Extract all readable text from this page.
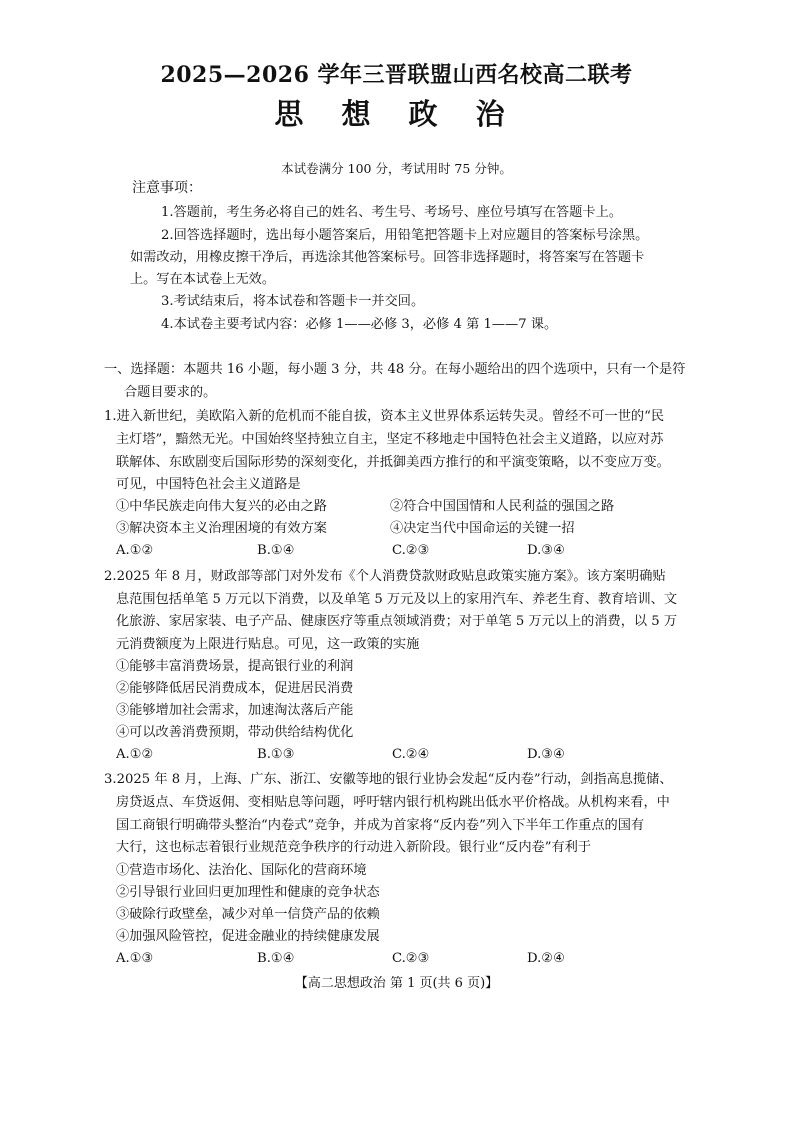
2025—2026 学年三晋联盟山西名校高二联考
思 想 政 治
本试卷满分 100 分，考试用时 75 分钟。
注意事项：
1.答题前，考生务必将自己的姓名、考生号、考场号、座位号填写在答题卡上。
2.回答选择题时，选出每小题答案后，用铅笔把答题卡上对应题目的答案标号涂黑。
如需改动，用橡皮擦干净后，再选涂其他答案标号。回答非选择题时，将答案写在答题卡
上。写在本试卷上无效。
3.考试结束后，将本试卷和答题卡一并交回。
4.本试卷主要考试内容：必修 1——必修 3，必修 4 第 1——7 课。
一、选择题：本题共 16 小题，每小题 3 分，共 48 分。在每小题给出的四个选项中，只有一个是符
合题目要求的。
1.进入新世纪，美欧陷入新的危机而不能自拔，资本主义世界体系运转失灵。曾经不可一世的“民
主灯塔”，黯然无光。中国始终坚持独立自主，坚定不移地走中国特色社会主义道路，以应对苏
联解体、东欧剧变后国际形势的深刻变化，并抵御美西方推行的和平演变策略，以不变应万变。
可见，中国特色社会主义道路是
①中华民族走向伟大复兴的必由之路	②符合中国国情和人民利益的强国之路
③解决资本主义治理困境的有效方案	④决定当代中国命运的关键一招
A.①②	B.①④	C.②③	D.③④
2.2025 年 8 月，财政部等部门对外发布《个人消费贷款财政贴息政策实施方案》。该方案明确贴
息范围包括单笔 5 万元以下消费，以及单笔 5 万元及以上的家用汽车、养老生育、教育培训、文
化旅游、家居家装、电子产品、健康医疗等重点领域消费；对于单笔 5 万元以上的消费，以 5 万
元消费额度为上限进行贴息。可见，这一政策的实施
①能够丰富消费场景，提高银行业的利润
②能够降低居民消费成本，促进居民消费
③能够增加社会需求，加速淘汰落后产能
④可以改善消费预期，带动供给结构优化
A.①②	B.①③	C.②④	D.③④
3.2025 年 8 月，上海、广东、浙江、安徽等地的银行业协会发起“反内卷”行动，剑指高息揽储、
房贷返点、车贷返佣、变相贴息等问题，呼吁辖内银行机构跳出低水平价格战。从机构来看，中
国工商银行明确带头整治“内卷式”竞争，并成为首家将“反内卷”列入下半年工作重点的国有
大行，这也标志着银行业规范竞争秩序的行动进入新阶段。银行业“反内卷”有利于
①营造市场化、法治化、国际化的营商环境
②引导银行业回归更加理性和健康的竞争状态
③破除行政壁垒，减少对单一信贷产品的依赖
④加强风险管控，促进金融业的持续健康发展
A.①③	B.①④	C.②③	D.②④
【高二思想政治 第 1 页(共 6 页)】
